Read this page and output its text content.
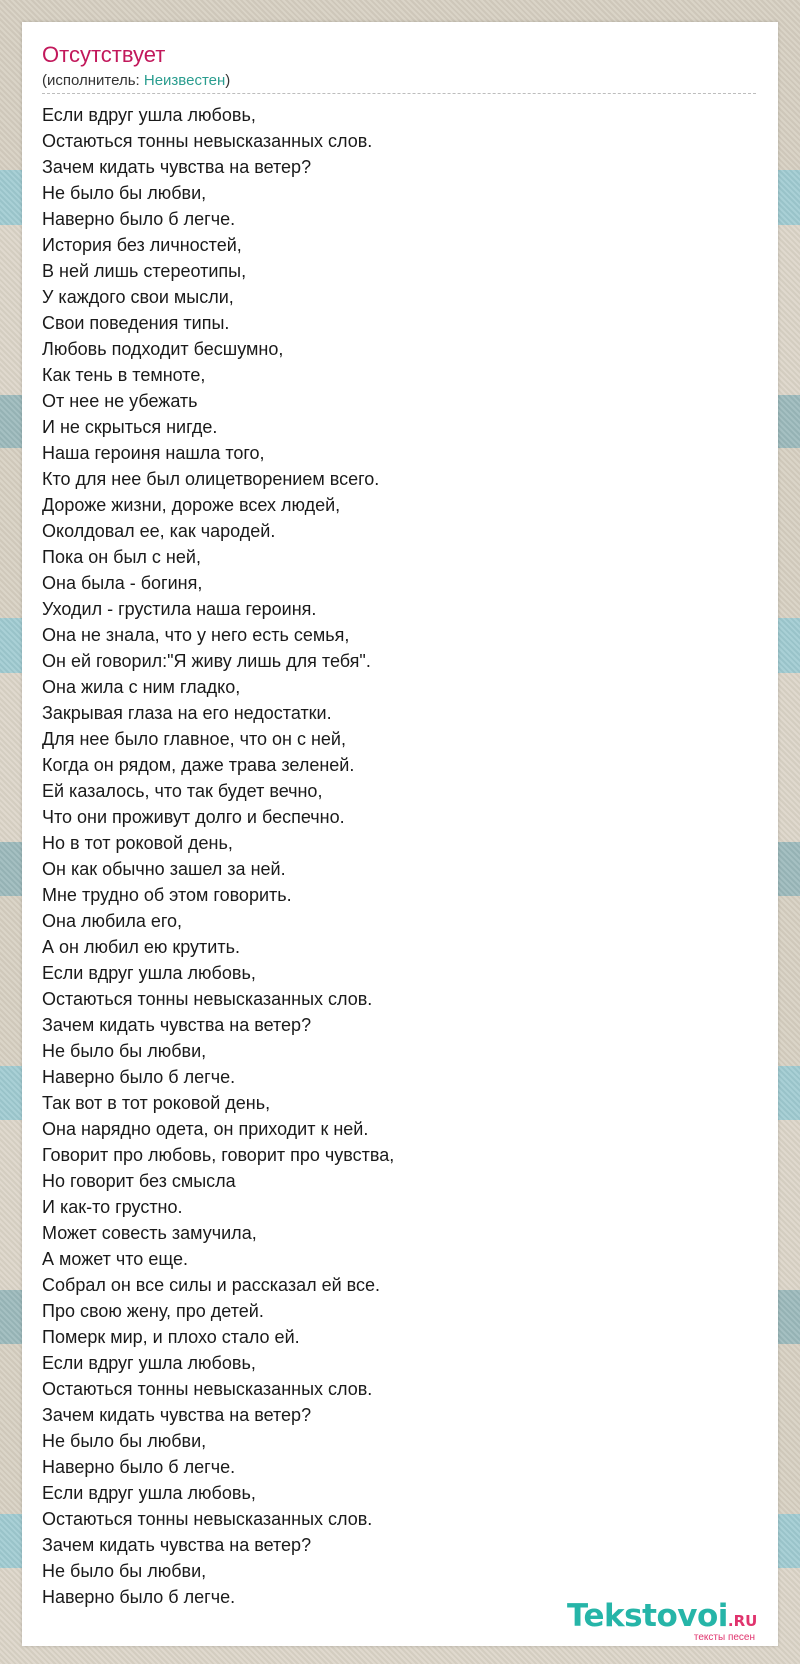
Отсутствует
(исполнитель: Неизвестен)
Если вдруг ушла любовь,
Остаються тонны невысказанных слов.
Зачем кидать чувства на ветер?
Не было бы любви,
Наверно было б легче.
История без личностей,
В ней лишь стереотипы,
У каждого свои мысли,
Свои поведения типы.
Любовь подходит бесшумно,
Как тень в темноте,
От нее не убежать
И не скрыться нигде.
Наша героиня нашла того,
Кто для нее был олицетворением всего.
Дороже жизни, дороже всех людей,
Околдовал ее, как чародей.
Пока он был с ней,
Она была - богиня,
Уходил - грустила наша героиня.
Она не знала, что у него есть семья,
Он ей говорил:"Я живу лишь для тебя".
Она жила с ним гладко,
Закрывая глаза на его недостатки.
Для нее было главное, что он с ней,
Когда он рядом, даже трава зеленей.
Ей казалось, что так будет вечно,
Что они проживут долго и беспечно.
Но в тот роковой день,
Он как обычно зашел за ней.
Мне трудно об этом говорить.
Она любила его,
А он любил ею крутить.
Если вдруг ушла любовь,
Остаються тонны невысказанных слов.
Зачем кидать чувства на ветер?
Не было бы любви,
Наверно было б легче.
Так вот в тот роковой день,
Она нарядно одета, он приходит к ней.
Говорит про любовь, говорит про чувства,
Но говорит без смысла
И как-то грустно.
Может совесть замучила,
А может что еще.
Собрал он все силы и рассказал ей все.
Про свою жену, про детей.
Померк мир, и плохо стало ей.
Если вдруг ушла любовь,
Остаються тонны невысказанных слов.
Зачем кидать чувства на ветер?
Не было бы любви,
Наверно было б легче.
Если вдруг ушла любовь,
Остаються тонны невысказанных слов.
Зачем кидать чувства на ветер?
Не было бы любви,
Наверно было б легче.
Tekstovoi.RU
тексты песен
